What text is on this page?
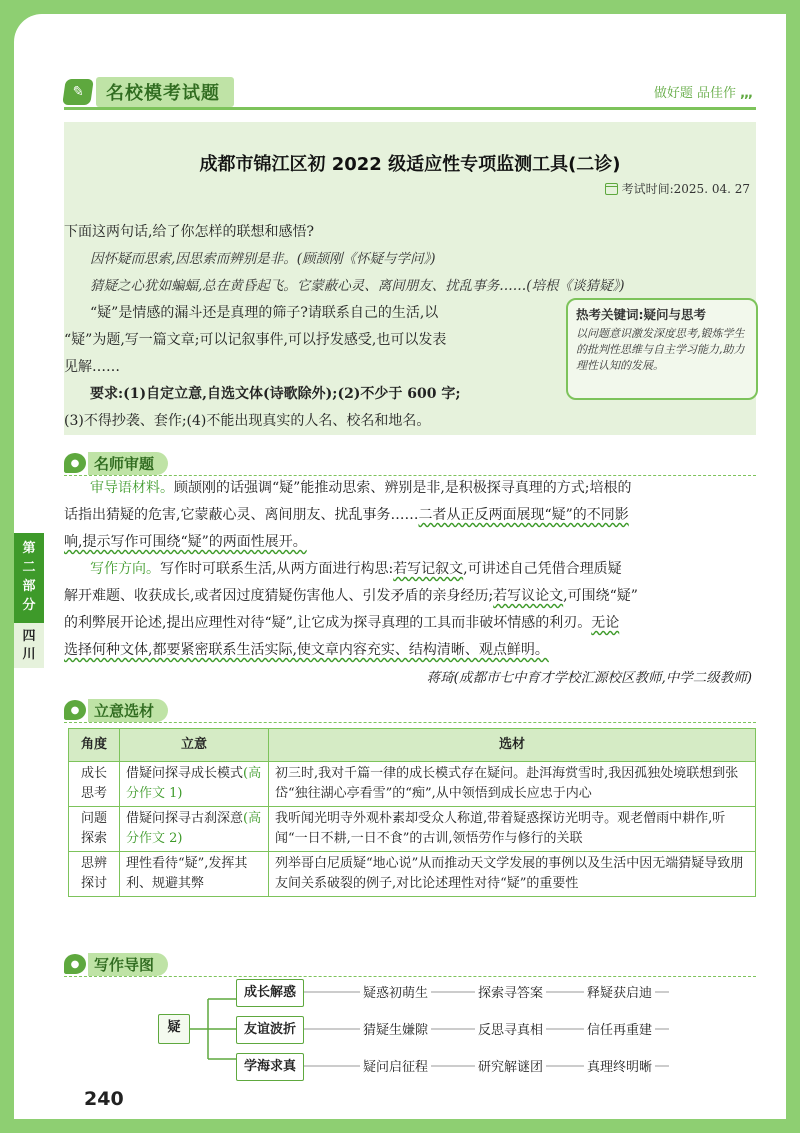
✎	名校模考试题	做好题 品佳作 ,,,
成都市锦江区初 2022 级适应性专项监测工具(二诊)
考试时间:2025. 04. 27
下面这两句话,给了你怎样的联想和感悟?
因怀疑而思索,因思索而辨别是非。(顾颉刚《怀疑与学问》)
猜疑之心犹如蝙蝠,总在黄昏起飞。它蒙蔽心灵、离间朋友、扰乱事务……(培根《谈猜疑》)
“疑”是情感的漏斗还是真理的筛子?请联系自己的生活,以
“疑”为题,写一篇文章;可以记叙事件,可以抒发感受,也可以发表
见解……
要求:(1)自定立意,自选文体(诗歌除外);(2)不少于 600 字;
(3)不得抄袭、套作;(4)不能出现真实的人名、校名和地名。
热考关键词:疑问与思考
以问题意识激发深度思考,锻炼学生的批判性思维与自主学习能力,助力理性认知的发展。
● 名师审题
审导语材料。顾颉刚的话强调“疑”能推动思索、辨别是非,是积极探寻真理的方式;培根的
话指出猜疑的危害,它蒙蔽心灵、离间朋友、扰乱事务……二者从正反两面展现“疑”的不同影
响,提示写作可围绕“疑”的两面性展开。
写作方向。写作时可联系生活,从两方面进行构思:若写记叙文,可讲述自己凭借合理质疑
解开难题、收获成长,或者因过度猜疑伤害他人、引发矛盾的亲身经历;若写议论文,可围绕“疑”
的利弊展开论述,提出应理性对待“疑”,让它成为探寻真理的工具而非破坏情感的利刃。无论
选择何种文体,都要紧密联系生活实际,使文章内容充实、结构清晰、观点鲜明。
蒋琦(成都市七中育才学校汇源校区教师,中学二级教师)
第
二
部
分
四
川
● 立意选材
角度	立意	选材
成长
思考	借疑问探寻成长模式(高分作文 1)	初三时,我对千篇一律的成长模式存在疑问。赴洱海赏雪时,我因孤独处境联想到张岱“独往湖心亭看雪”的“痴”,从中领悟到成长应忠于内心
问题
探索	借疑问探寻古刹深意(高分作文 2)	我听闻光明寺外观朴素却受众人称道,带着疑惑探访光明寺。观老僧雨中耕作,听闻“一日不耕,一日不食”的古训,领悟劳作与修行的关联
思辨
探讨	理性看待“疑”,发挥其利、规避其弊	列举哥白尼质疑“地心说”从而推动天文学发展的事例以及生活中因无端猜疑导致朋友间关系破裂的例子,对比论述理性对待“疑”的重要性
● 写作导图
疑
成长解惑	疑惑初萌生	探索寻答案	释疑获启迪
友谊波折	猜疑生嫌隙	反思寻真相	信任再重建
学海求真	疑问启征程	研究解谜团	真理终明晰
240
